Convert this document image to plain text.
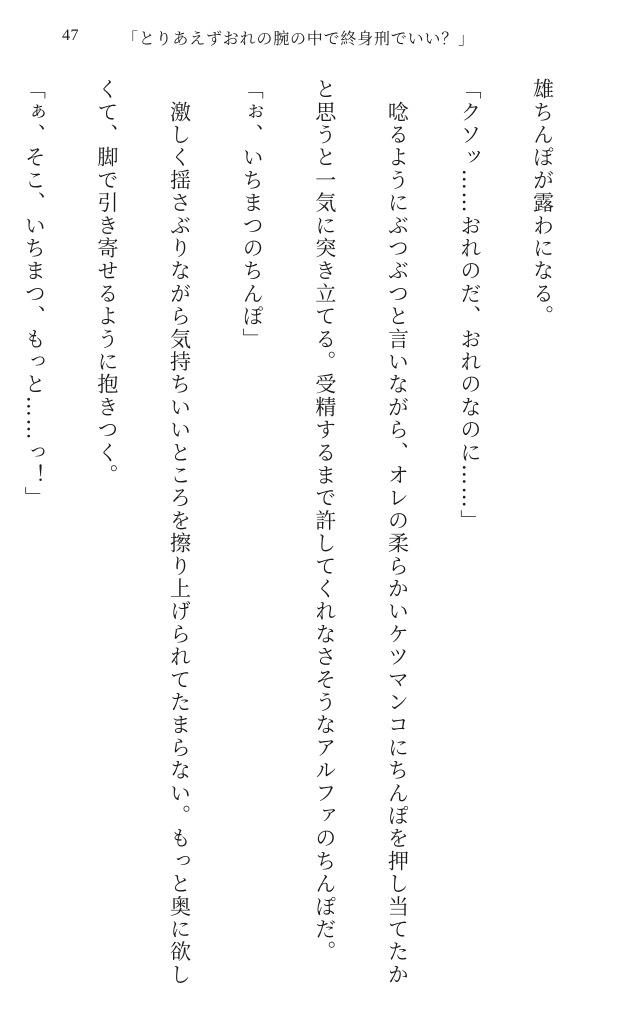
47	「とりあえずおれの腕の中で終身刑でいい？」

雄ちんぽが露わになる。

「クソッ……おれのだ、おれのなのに……」

　唸るようにぶつぶつと言いながら、オレの柔らかいケツマンコにちんぽを押し当てたか

と思うと一気に突き立てる。受精するまで許してくれなさそうなアルファのちんぽだ。

「ぉ、いちまつのちんぽ」

　激しく揺さぶりながら気持ちいいところを擦り上げられてたまらない。もっと奥に欲し

くて、脚で引き寄せるように抱きつく。

「ぁ、そこ、いちまつ、もっと……っ！」
